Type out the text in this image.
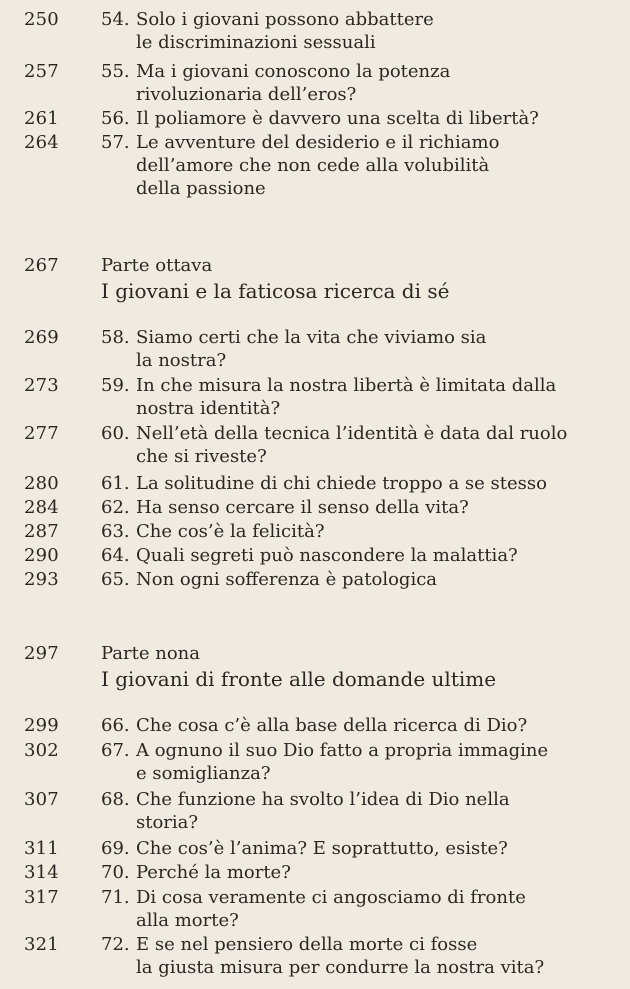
250 54. Solo i giovani possono abbattere
le discriminazioni sessuali
257 55. Ma i giovani conoscono la potenza
rivoluzionaria dell’eros?
261 56. Il poliamore è davvero una scelta di libertà?
264 57. Le avventure del desiderio e il richiamo
dell’amore che non cede alla volubilità
della passione
267 Parte ottava
I giovani e la faticosa ricerca di sé
269 58. Siamo certi che la vita che viviamo sia
la nostra?
273 59. In che misura la nostra libertà è limitata dalla
nostra identità?
277 60. Nell’età della tecnica l’identità è data dal ruolo
che si riveste?
280 61. La solitudine di chi chiede troppo a se stesso
284 62. Ha senso cercare il senso della vita?
287 63. Che cos’è la felicità?
290 64. Quali segreti può nascondere la malattia?
293 65. Non ogni sofferenza è patologica
297 Parte nona
I giovani di fronte alle domande ultime
299 66. Che cosa c’è alla base della ricerca di Dio?
302 67. A ognuno il suo Dio fatto a propria immagine
e somiglianza?
307 68. Che funzione ha svolto l’idea di Dio nella
storia?
311 69. Che cos’è l’anima? E soprattutto, esiste?
314 70. Perché la morte?
317 71. Di cosa veramente ci angosciamo di fronte
alla morte?
321 72. E se nel pensiero della morte ci fosse
la giusta misura per condurre la nostra vita?
